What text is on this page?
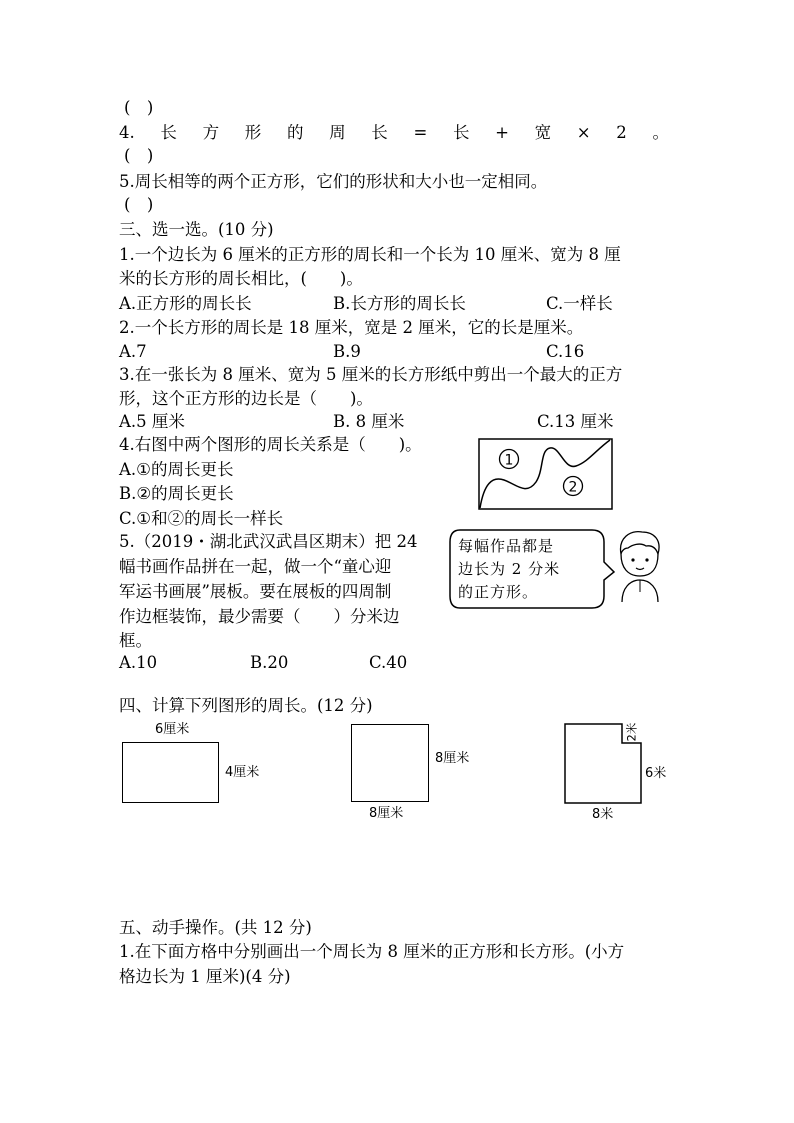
(　)
4. 长 方 形 的 周 长 = 长 + 宽 × 2 。
(　)
5.周长相等的两个正方形，它们的形状和大小也一定相同。
(　)
三、选一选。(10 分)
1.一个边长为 6 厘米的正方形的周长和一个长为 10 厘米、宽为 8 厘
米的长方形的周长相比，(　　)。
A.正方形的周长长	B.长方形的周长长	C.一样长
2.一个长方形的周长是 18 厘米，宽是 2 厘米，它的长是厘米。
A.7	B.9	C.16
3.在一张长为 8 厘米、宽为 5 厘米的长方形纸中剪出一个最大的正方
形，这个正方形的边长是（　　)。
A.5 厘米	B. 8 厘米	C.13 厘米
4.右图中两个图形的周长关系是（　　)。
A.①的周长更长
B.②的周长更长
C.①和②的周长一样长
1
2
5.（2019・湖北武汉武昌区期末）把 24
幅书画作品拼在一起，做一个“童心迎
军运书画展”展板。要在展板的四周制
作边框装饰，最少需要（　　）分米边
框。
A.10	B.20	C.40
每幅作品都是
边长为 2 分米
的正方形。
四、计算下列图形的周长。(12 分)
6厘米
4厘米
8厘米
8厘米
2米
6米
8米
五、动手操作。(共 12 分)
1.在下面方格中分别画出一个周长为 8 厘米的正方形和长方形。(小方
格边长为 1 厘米)(4 分)
